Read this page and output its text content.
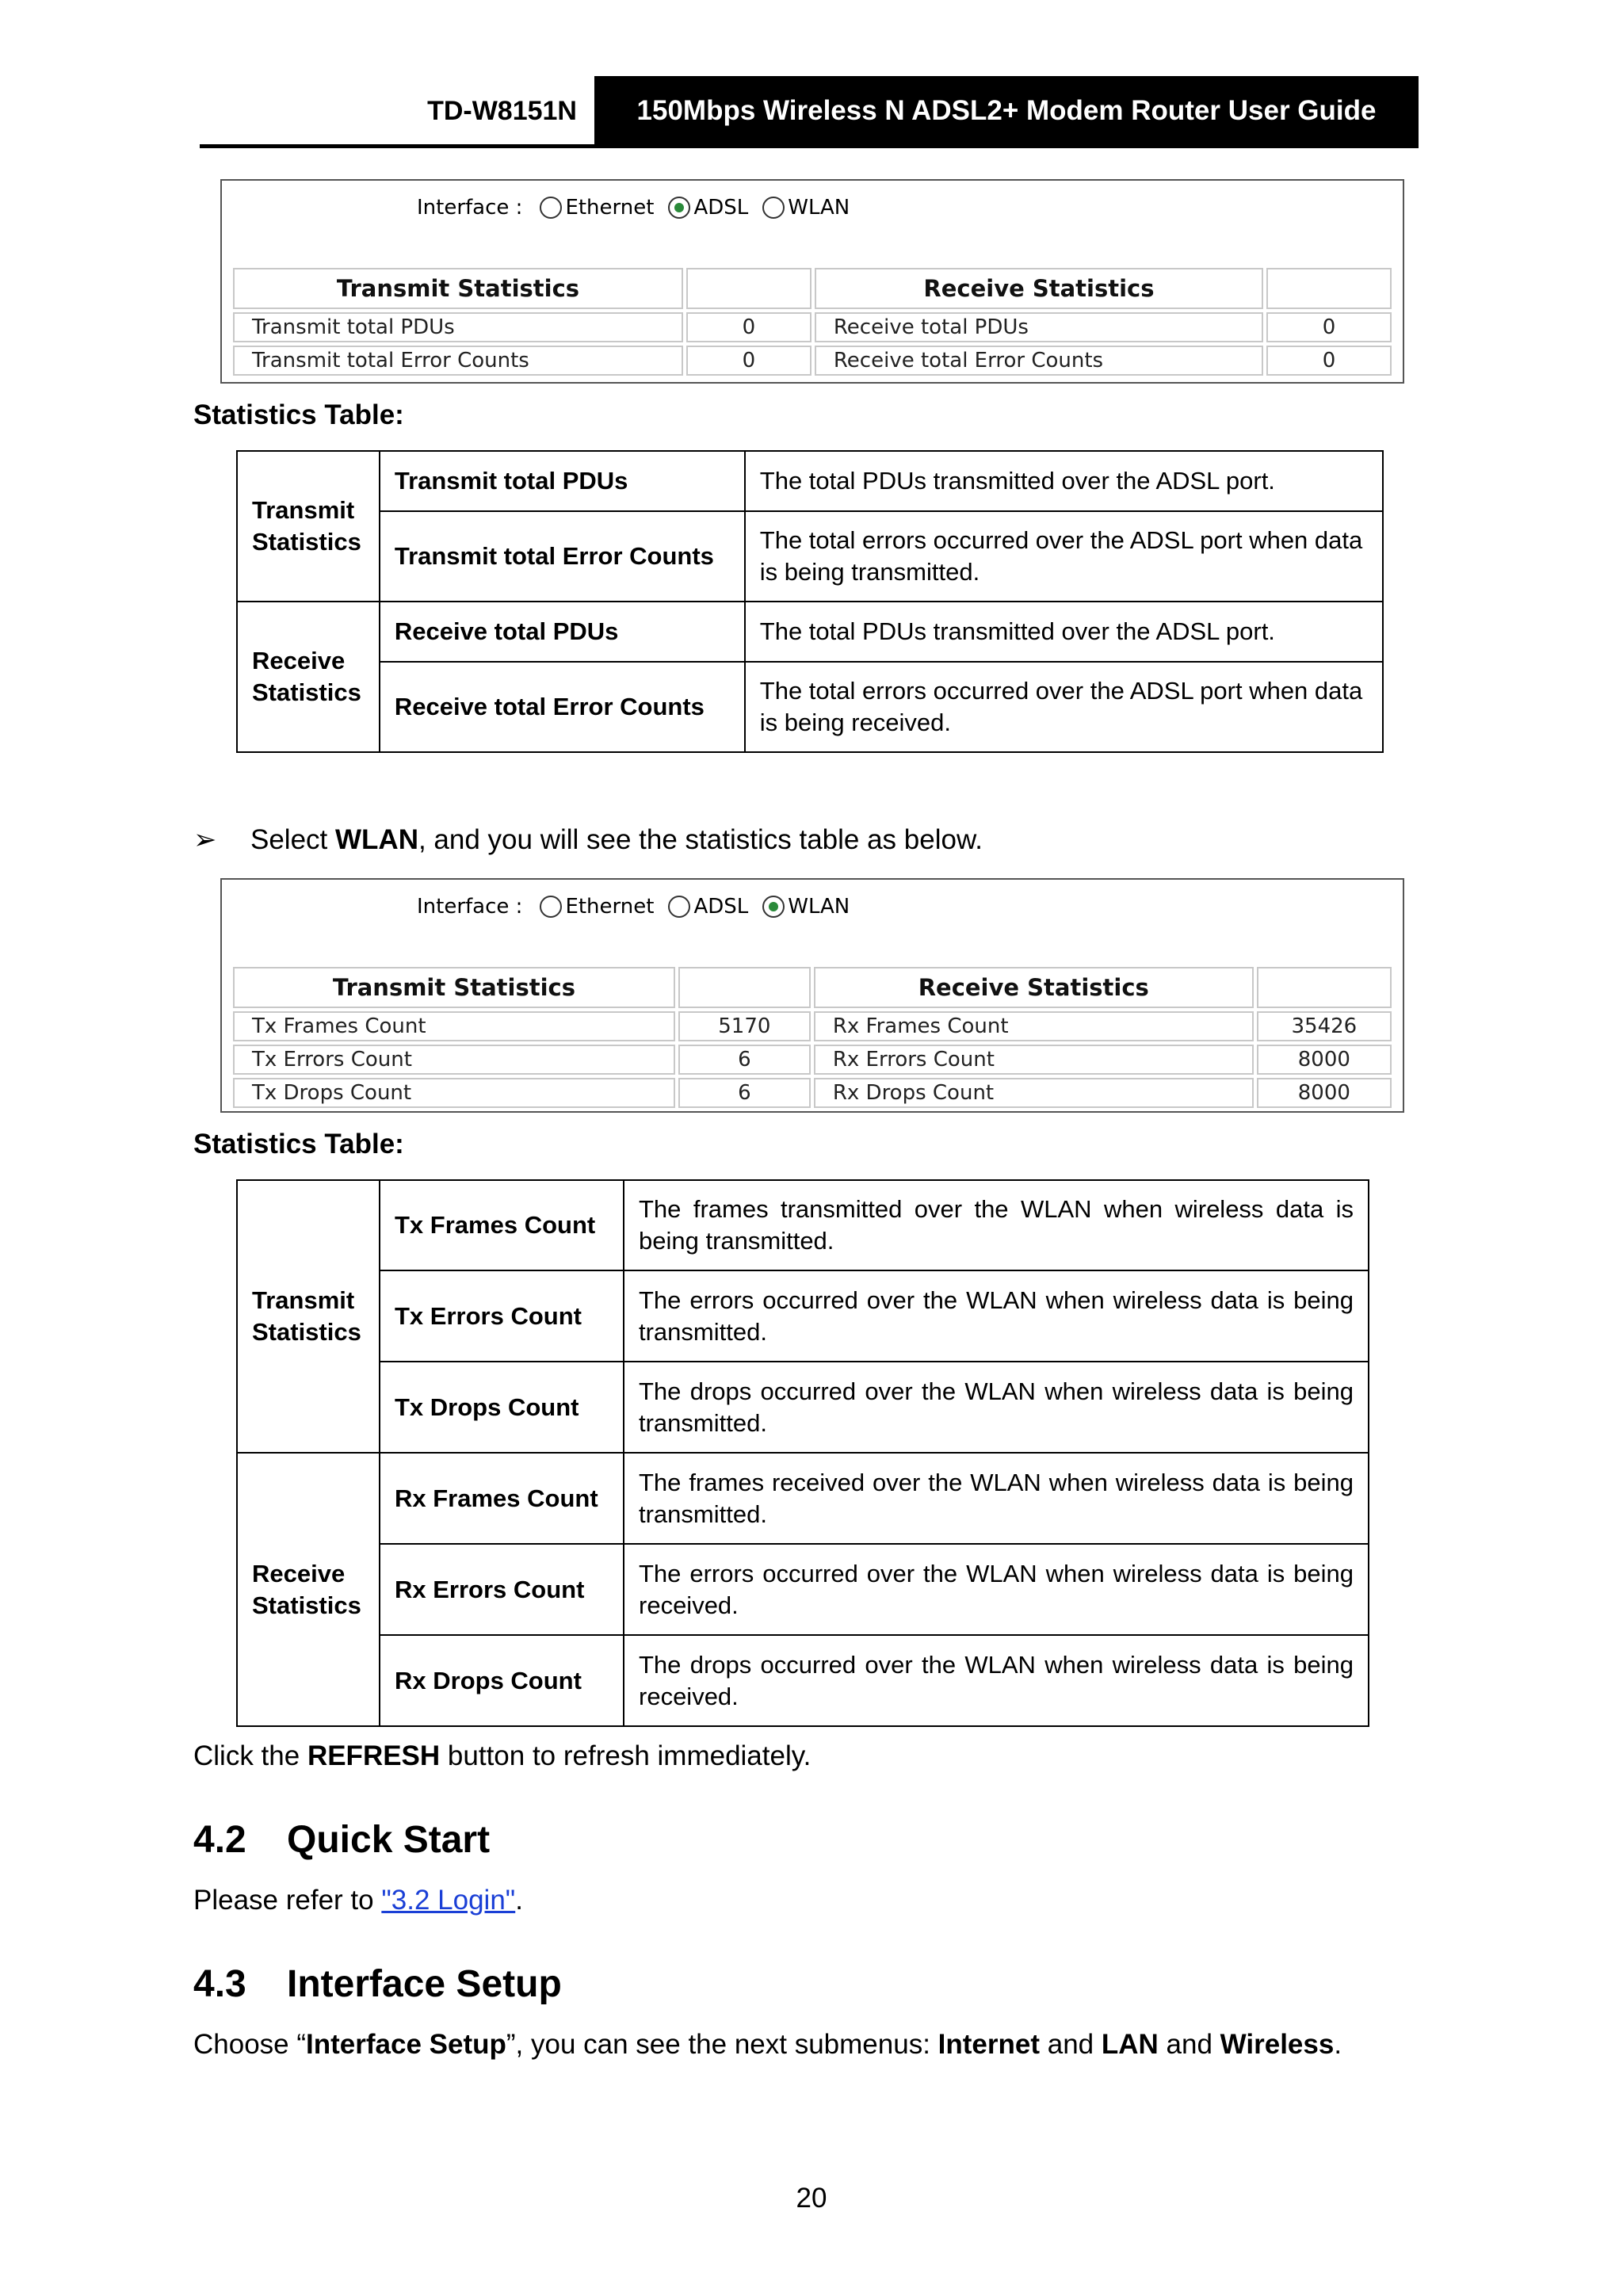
TD-W8151N	150Mbps Wireless N ADSL2+ Modem Router User Guide
Interface : Ethernet ADSL WLAN
Transmit Statistics		Receive Statistics	
Transmit total PDUs	0	Receive total PDUs	0
Transmit total Error Counts	0	Receive total Error Counts	0
Statistics Table:
Transmit Statistics	Transmit total PDUs	The total PDUs transmitted over the ADSL port.
	Transmit total Error Counts	The total errors occurred over the ADSL port when data is being transmitted.
Receive Statistics	Receive total PDUs	The total PDUs transmitted over the ADSL port.
	Receive total Error Counts	The total errors occurred over the ADSL port when data is being received.
➢ Select WLAN, and you will see the statistics table as below.
Interface : Ethernet ADSL WLAN
Transmit Statistics		Receive Statistics	
Tx Frames Count	5170	Rx Frames Count	35426
Tx Errors Count	6	Rx Errors Count	8000
Tx Drops Count	6	Rx Drops Count	8000
Statistics Table:
Transmit Statistics	Tx Frames Count	The frames transmitted over the WLAN when wireless data is being transmitted.
	Tx Errors Count	The errors occurred over the WLAN when wireless data is being transmitted.
	Tx Drops Count	The drops occurred over the WLAN when wireless data is being transmitted.
Receive Statistics	Rx Frames Count	The frames received over the WLAN when wireless data is being transmitted.
	Rx Errors Count	The errors occurred over the WLAN when wireless data is being received.
	Rx Drops Count	The drops occurred over the WLAN when wireless data is being received.
Click the REFRESH button to refresh immediately.
4.2 Quick Start
Please refer to "3.2 Login".
4.3 Interface Setup
Choose “Interface Setup”, you can see the next submenus: Internet and LAN and Wireless.
20
